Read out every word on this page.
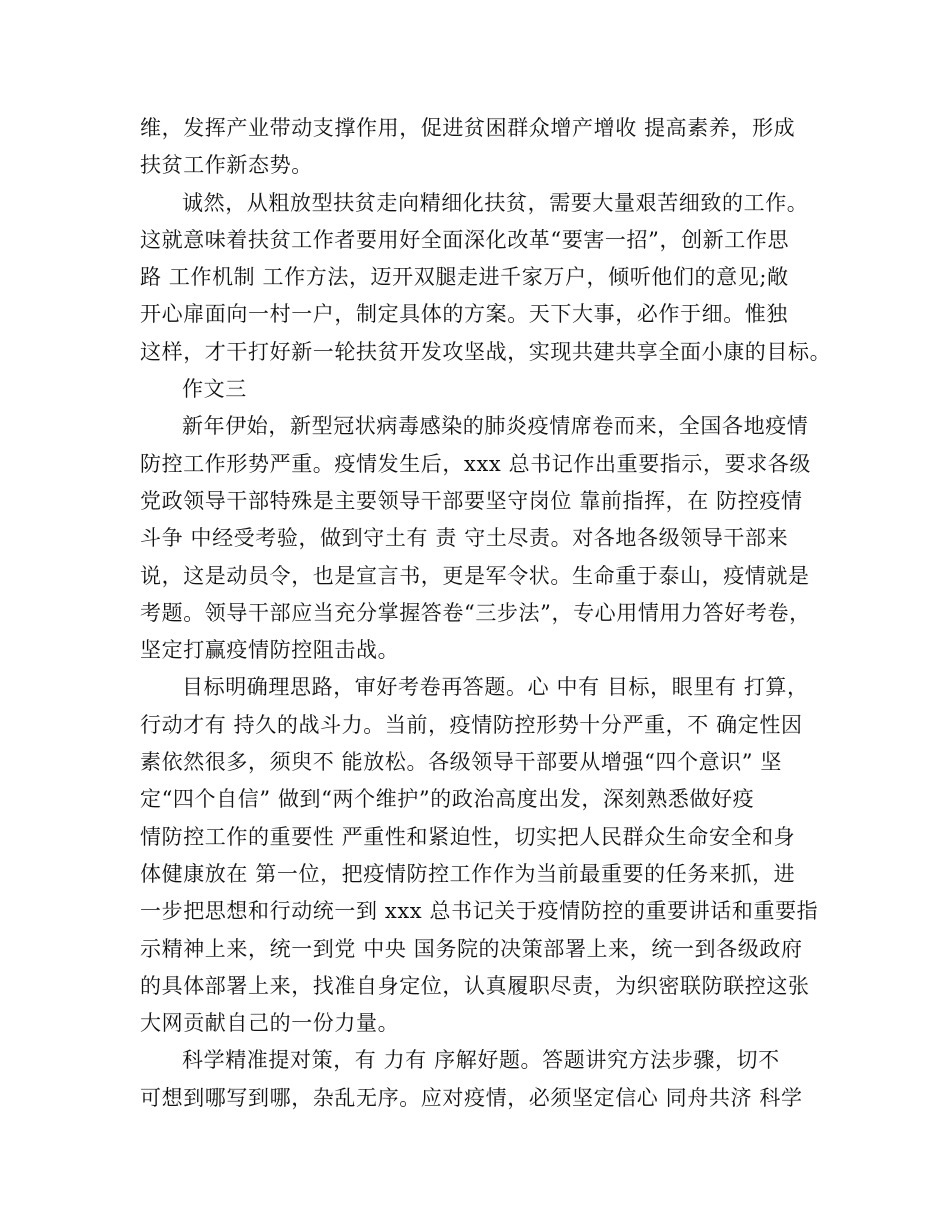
维，发挥产业带动支撑作用，促进贫困群众增产增收 提高素养，形成
扶贫工作新态势。
诚然，从粗放型扶贫走向精细化扶贫，需要大量艰苦细致的工作。
这就意味着扶贫工作者要用好全面深化改革“要害一招”，创新工作思
路 工作机制 工作方法，迈开双腿走进千家万户，倾听他们的意见;敞
开心扉面向一村一户，制定具体的方案。天下大事，必作于细。惟独
这样，才干打好新一轮扶贫开发攻坚战，实现共建共享全面小康的目标。
作文三
新年伊始，新型冠状病毒感染的肺炎疫情席卷而来，全国各地疫情
防控工作形势严重。疫情发生后，xxx 总书记作出重要指示，要求各级
党政领导干部特殊是主要领导干部要坚守岗位 靠前指挥，在 防控疫情
斗争 中经受考验，做到守土有 责 守土尽责。对各地各级领导干部来
说，这是动员令，也是宣言书，更是军令状。生命重于泰山，疫情就是
考题。领导干部应当充分掌握答卷“三步法”，专心用情用力答好考卷，
坚定打赢疫情防控阻击战。
目标明确理思路，审好考卷再答题。心 中有 目标，眼里有 打算，
行动才有 持久的战斗力。当前，疫情防控形势十分严重，不 确定性因
素依然很多，须臾不 能放松。各级领导干部要从增强“四个意识” 坚
定“四个自信” 做到“两个维护”的政治高度出发，深刻熟悉做好疫
情防控工作的重要性 严重性和紧迫性，切实把人民群众生命安全和身
体健康放在 第一位，把疫情防控工作作为当前最重要的任务来抓，进
一步把思想和行动统一到 xxx 总书记关于疫情防控的重要讲话和重要指
示精神上来，统一到党 中央 国务院的决策部署上来，统一到各级政府
的具体部署上来，找准自身定位，认真履职尽责，为织密联防联控这张
大网贡献自己的一份力量。
科学精准提对策，有 力有 序解好题。答题讲究方法步骤，切不
可想到哪写到哪，杂乱无序。应对疫情，必须坚定信心 同舟共济 科学
